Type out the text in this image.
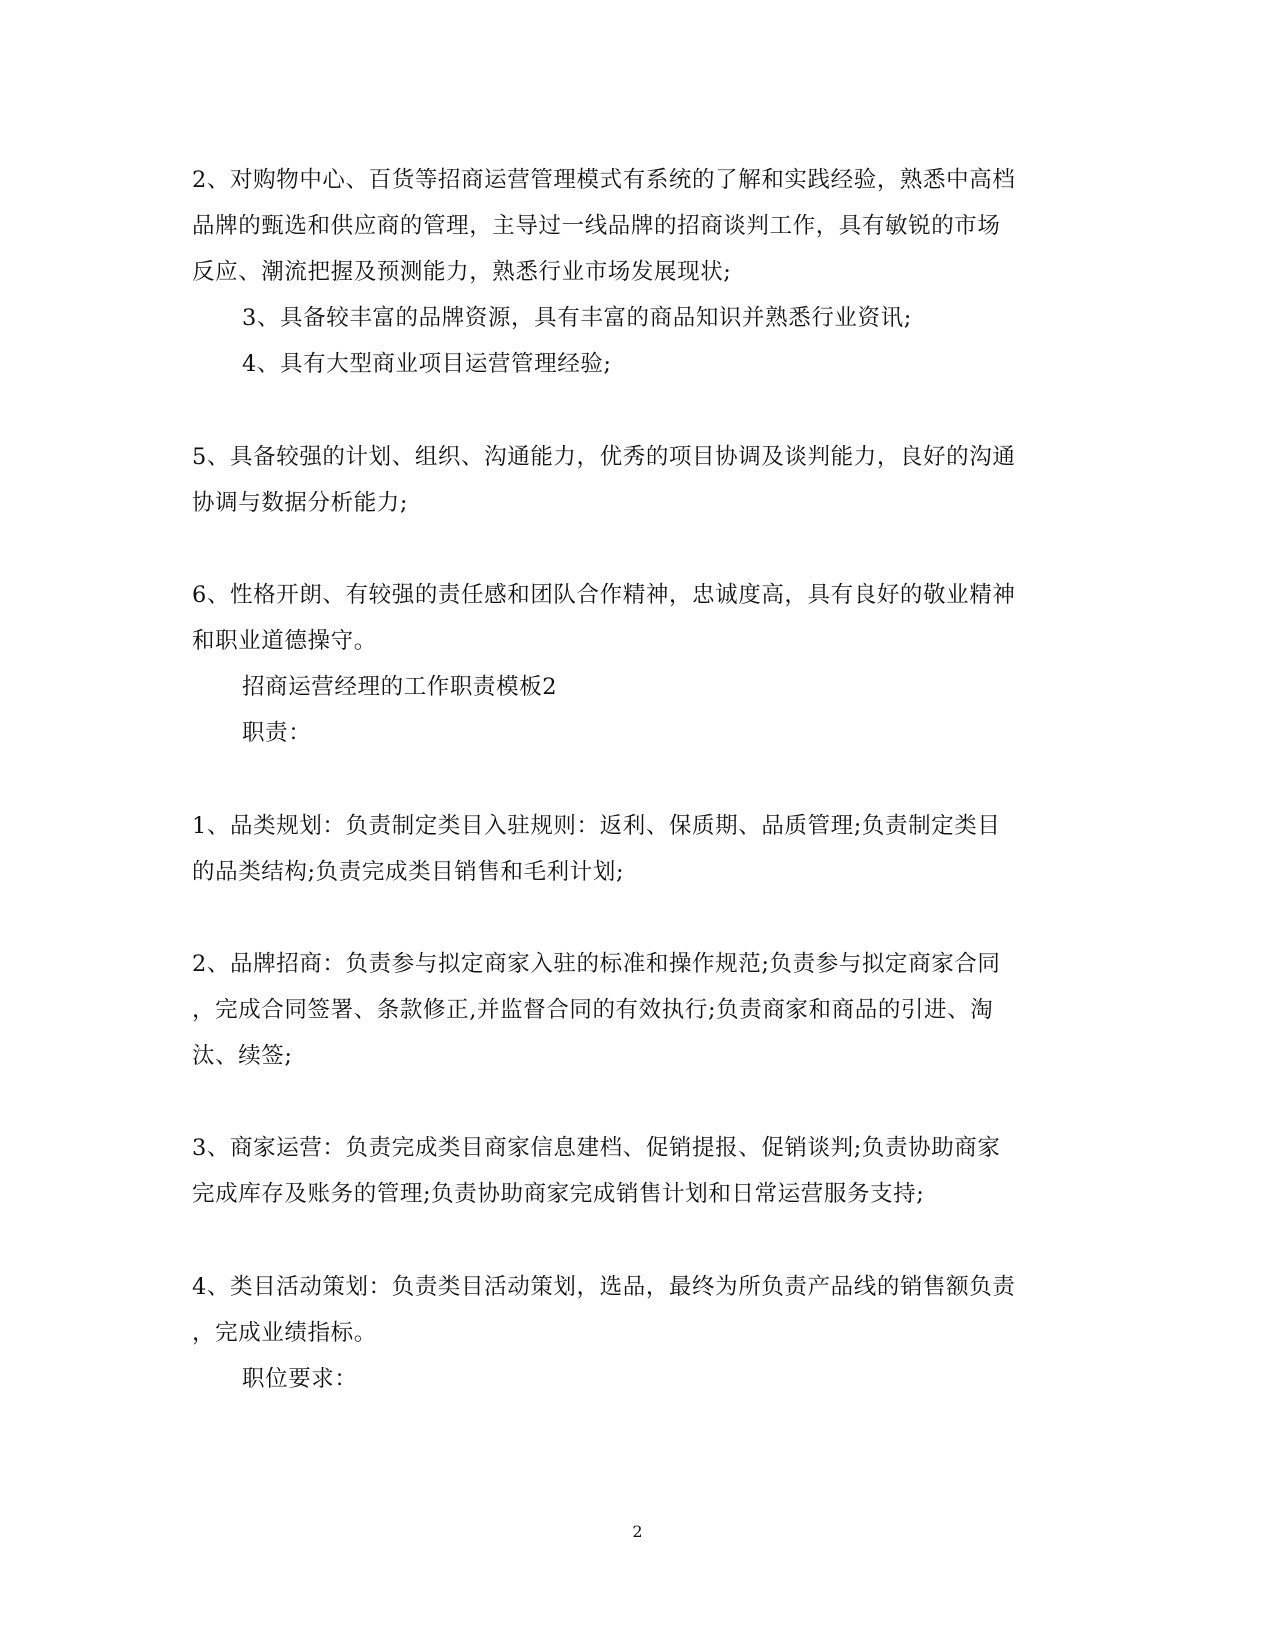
2、对购物中心、百货等招商运营管理模式有系统的了解和实践经验，熟悉中高档
品牌的甄选和供应商的管理，主导过一线品牌的招商谈判工作，具有敏锐的市场
反应、潮流把握及预测能力，熟悉行业市场发展现状;
3、具备较丰富的品牌资源，具有丰富的商品知识并熟悉行业资讯;
4、具有大型商业项目运营管理经验;
5、具备较强的计划、组织、沟通能力，优秀的项目协调及谈判能力，良好的沟通
协调与数据分析能力;
6、性格开朗、有较强的责任感和团队合作精神，忠诚度高，具有良好的敬业精神
和职业道德操守。
招商运营经理的工作职责模板2
职责：
1、品类规划：负责制定类目入驻规则：返利、保质期、品质管理;负责制定类目
的品类结构;负责完成类目销售和毛利计划;
2、品牌招商：负责参与拟定商家入驻的标准和操作规范;负责参与拟定商家合同
，完成合同签署、条款修正,并监督合同的有效执行;负责商家和商品的引进、淘
汰、续签;
3、商家运营：负责完成类目商家信息建档、促销提报、促销谈判;负责协助商家
完成库存及账务的管理;负责协助商家完成销售计划和日常运营服务支持;
4、类目活动策划：负责类目活动策划，选品，最终为所负责产品线的销售额负责
，完成业绩指标。
职位要求：
2
